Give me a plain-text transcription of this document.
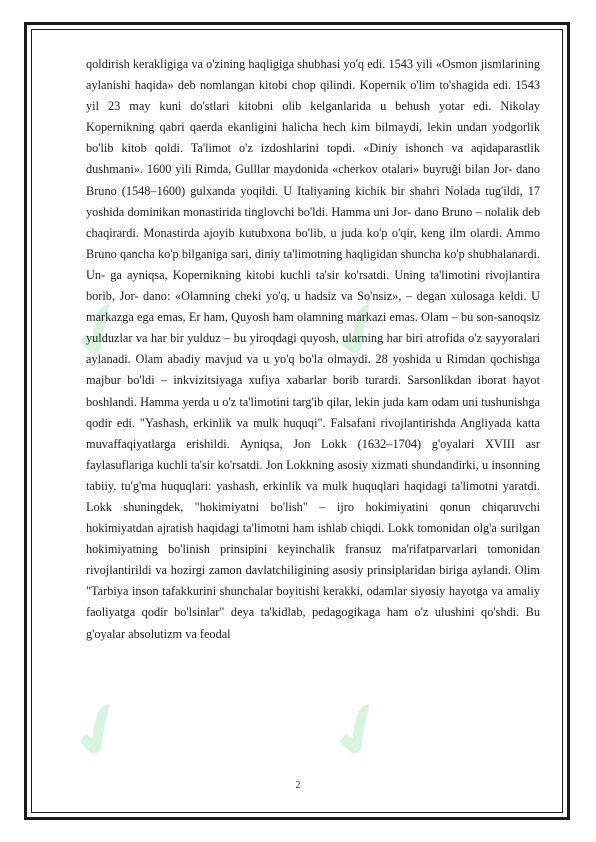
✔ ✔
✔ ✔

qoldirish kerakligiga va o'zining haqligiga shubhasi yo'q edi. 1543 yili «Osmon jismlarining aylanishi haqida» deb nomlangan kitobi chop qilindi. Kopernik o'lim to'shagida edi. 1543 yil 23 may kuni do'stlari kitobni olib kelganlarida u behush yotar edi. Nikolay Kopernikning qabri qaerda ekanligini halicha hech kim bilmaydi, lekin undan yodgorlik bo'lib kitob qoldi. Ta'limot o'z izdoshlarini topdi. «Diniy ishonch va aqidaparastlik dushmani». 1600 yili Rimda, Gulllar maydonida «cherkov otalari» buyruği bilan Jor- dano Bruno (1548–1600) gulxanda yoqildi. U Italiyaning kichik bir shahri Nolada tug'ildi, 17 yoshida dominikan monastirida tinglovchi bo'ldi. Hamma uni Jor- dano Bruno – nolalik deb chaqirardi. Monastirda ajoyib kutubxona bo'lib, u juda ko'p o'qir, keng ilm olardi. Ammo Bruno qancha ko'p bilganiga sari, diniy ta'limotning haqligidan shuncha ko'p shubhalanardi. Un- ga ayniqsa, Kopernikning kitobi kuchli ta'sir ko'rsatdi. Uning ta'limotini rivojlantira borib, Jor- dano: «Olamning cheki yo'q, u hadsiz va So'nsiz», – degan xulosaga keldi. U markazga ega emas, Er ham, Quyosh ham olamning markazi emas. Olam – bu son-sanoqsiz yulduzlar va har bir yulduz – bu yiroqdagi quyosh, ularning har biri atrofida o'z sayyoralari aylanadi. Olam abadiy mavjud va u yo'q bo'la olmaydi. 28 yoshida u Rimdan qochishga majbur bo'ldi – inkvizitsiyaga xufiya xabarlar borib turardi. Sarsonlikdan iborat hayot boshlandi. Hamma yerda u o'z ta'limotini targ'ib qilar, lekin juda kam odam uni tushunishga qodir edi. "Yashash, erkinlik va mulk huquqi". Falsafani rivojlantirishda Angliyada katta muvaffaqiyatlarga erishildi. Ayniqsa, Jon Lokk (1632–1704) g'oyalari XVIII asr faylasuflariga kuchli ta'sir ko'rsatdi. Jon Lokkning asosiy xizmati shundandirki, u insonning tabiiy, tu'g'ma huquqlari: yashash, erkinlik va mulk huquqlari haqidagi ta'limotni yaratdi. Lokk shuningdek, "hokimiyatni bo'lish" – ijro hokimiyatini qonun chiqaruvchi hokimiyatdan ajratish haqidagi ta'limotni ham ishlab chiqdi. Lokk tomonidan olg'a surilgan hokimiyatning bo'linish prinsipini keyinchalik fransuz ma'rifatparvarlari tomonidan rivojlantirildi va hozirgi zamon davlatchiligining asosiy prinsiplaridan biriga aylandi. Olim "Tarbiya inson tafakkurini shunchalar boyitishi kerakki, odamlar siyosiy hayotga va amaliy faoliyatga qodir bo'lsinlar" deya ta'kidlab, pedagogikaga ham o'z ulushini qo'shdi. Bu g'oyalar absolutizm va feodal

2
